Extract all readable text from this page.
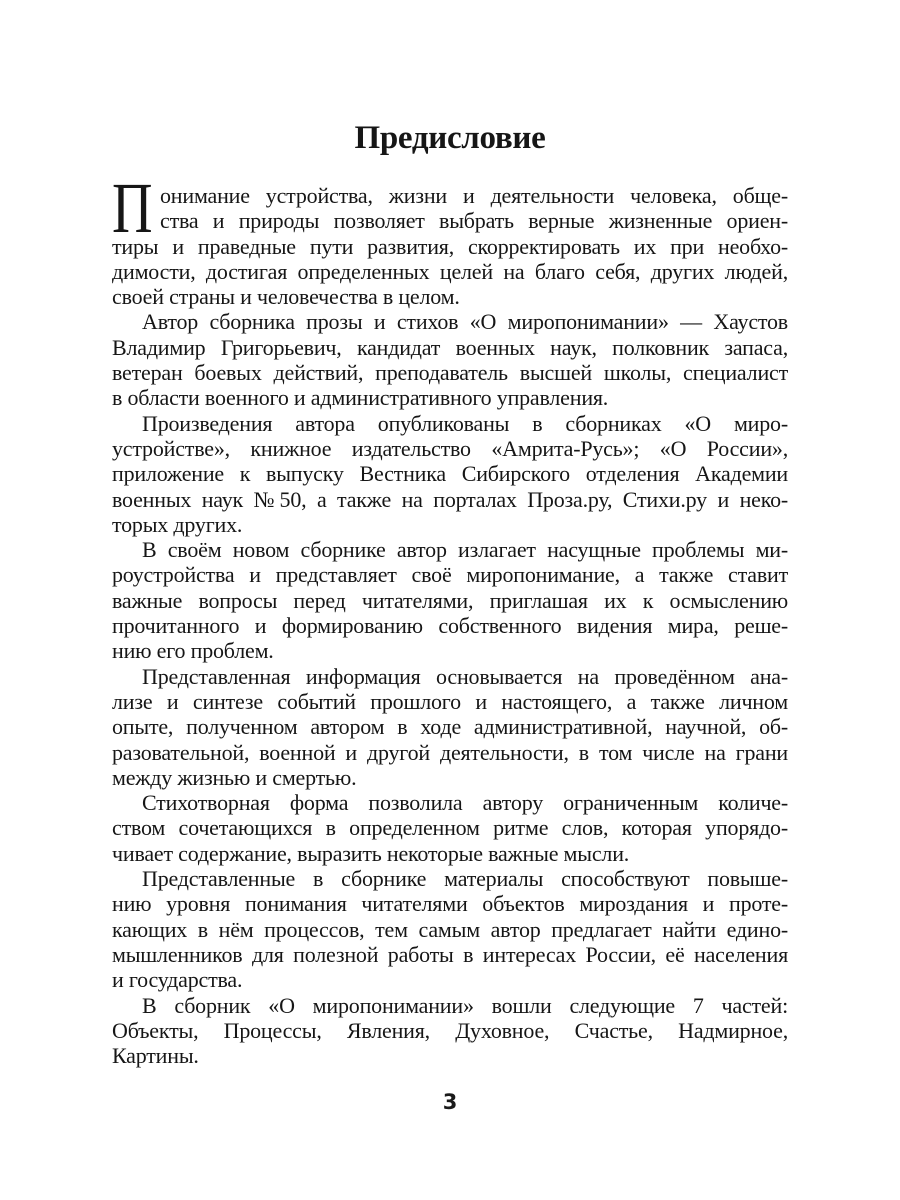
Предисловие
П онимание устройства, жизни и деятельности человека, обще-
ства и природы позволяет выбрать верные жизненные ориен-
тиры и праведные пути развития, скорректировать их при необхо-
димости, достигая определенных целей на благо себя, других людей,
своей страны и человечества в целом.
Автор сборника прозы и стихов «О миропонимании» — Хаустов
Владимир Григорьевич, кандидат военных наук, полковник запаса,
ветеран боевых действий, преподаватель высшей школы, специалист
в области военного и административного управления.
Произведения автора опубликованы в сборниках «О миро-
устройстве», книжное издательство «Амрита-Русь»; «О России»,
приложение к выпуску Вестника Сибирского отделения Академии
военных наук №50, а также на порталах Проза.ру, Стихи.ру и неко-
торых других.
В своём новом сборнике автор излагает насущные проблемы ми-
роустройства и представляет своё миропонимание, а также ставит
важные вопросы перед читателями, приглашая их к осмыслению
прочитанного и формированию собственного видения мира, реше-
нию его проблем.
Представленная информация основывается на проведённом ана-
лизе и синтезе событий прошлого и настоящего, а также личном
опыте, полученном автором в ходе административной, научной, об-
разовательной, военной и другой деятельности, в том числе на грани
между жизнью и смертью.
Стихотворная форма позволила автору ограниченным количе-
ством сочетающихся в определенном ритме слов, которая упорядо-
чивает содержание, выразить некоторые важные мысли.
Представленные в сборнике материалы способствуют повыше-
нию уровня понимания читателями объектов мироздания и проте-
кающих в нём процессов, тем самым автор предлагает найти едино-
мышленников для полезной работы в интересах России, её населения
и государства.
В сборник «О миропонимании» вошли следующие 7 частей:
Объекты, Процессы, Явления, Духовное, Счастье, Надмирное,
Картины.
3
